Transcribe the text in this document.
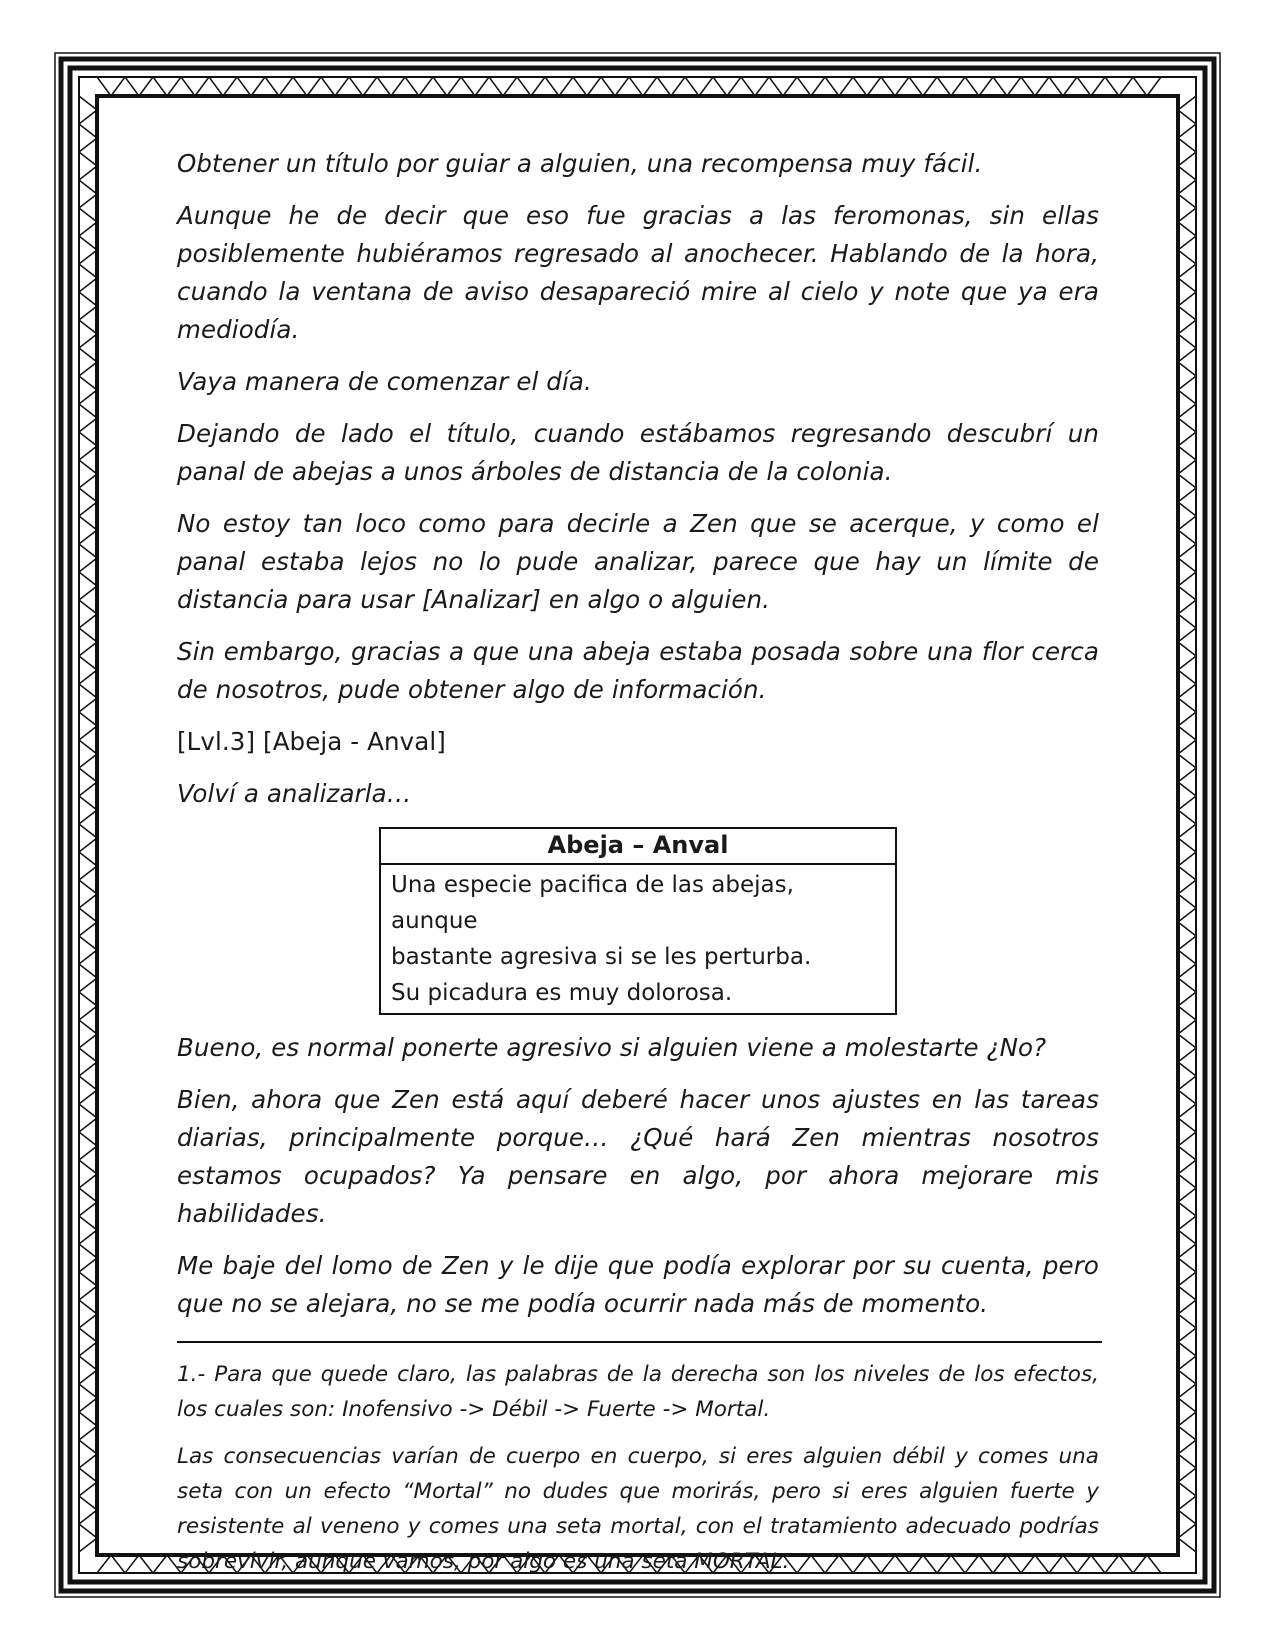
Obtener un título por guiar a alguien, una recompensa muy fácil.

Aunque he de decir que eso fue gracias a las feromonas, sin ellas posiblemente hubiéramos regresado al anochecer. Hablando de la hora, cuando la ventana de aviso desapareció mire al cielo y note que ya era mediodía.

Vaya manera de comenzar el día.

Dejando de lado el título, cuando estábamos regresando descubrí un panal de abejas a unos árboles de distancia de la colonia.

No estoy tan loco como para decirle a Zen que se acerque, y como el panal estaba lejos no lo pude analizar, parece que hay un límite de distancia para usar [Analizar] en algo o alguien.

Sin embargo, gracias a que una abeja estaba posada sobre una flor cerca de nosotros, pude obtener algo de información.

[Lvl.3] [Abeja - Anval]

Volví a analizarla…

Abeja – Anval

Una especie pacifica de las abejas, aunque
bastante agresiva si se les perturba.
Su picadura es muy dolorosa.

Bueno, es normal ponerte agresivo si alguien viene a molestarte ¿No?

Bien, ahora que Zen está aquí deberé hacer unos ajustes en las tareas diarias, principalmente porque… ¿Qué hará Zen mientras nosotros estamos ocupados? Ya pensare en algo, por ahora mejorare mis habilidades.

Me baje del lomo de Zen y le dije que podía explorar por su cuenta, pero que no se alejara, no se me podía ocurrir nada más de momento.

1.- Para que quede claro, las palabras de la derecha son los niveles de los efectos, los cuales son: Inofensivo -> Débil -> Fuerte -> Mortal.

Las consecuencias varían de cuerpo en cuerpo, si eres alguien débil y comes una seta con un efecto “Mortal” no dudes que morirás, pero si eres alguien fuerte y resistente al veneno y comes una seta mortal, con el tratamiento adecuado podrías sobrevivir, aunque vamos, por algo es una seta MORTAL.
